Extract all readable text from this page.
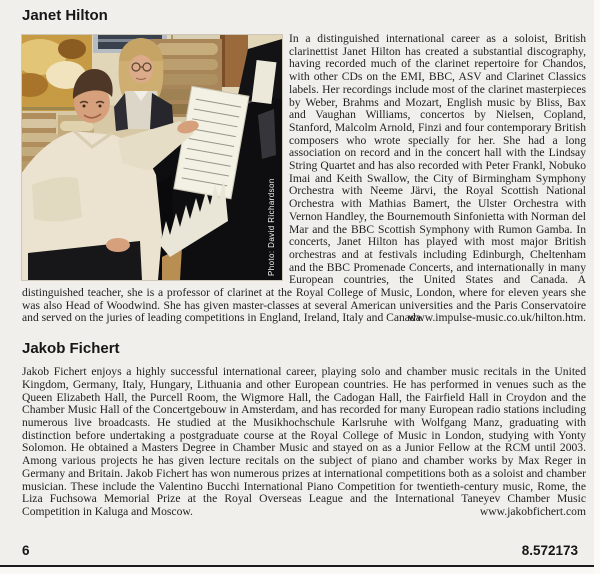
Janet Hilton
Photo: David Richardson

In a distinguished international career as a soloist, British clarinettist Janet Hilton has created a substantial discography, having recorded much of the clarinet repertoire for Chandos, with other CDs on the EMI, BBC, ASV and Clarinet Classics labels. Her recordings include most of the clarinet masterpieces by Weber, Brahms and Mozart, English music by Bliss, Bax and Vaughan Williams, concertos by Nielsen, Copland, Stanford, Malcolm Arnold, Finzi and four contemporary British composers who wrote specially for her. She had a long association on record and in the concert hall with the Lindsay String Quartet and has also recorded with Peter Frankl, Nobuko Imai and Keith Swallow, the City of Birmingham Symphony Orchestra with Neeme Järvi, the Royal Scottish National Orchestra with Mathias Bamert, the Ulster Orchestra with Vernon Handley, the Bournemouth Sinfonietta with Norman del Mar and the BBC Scottish Symphony with Rumon Gamba. In concerts, Janet Hilton has played with most major British orchestras and at festivals including Edinburgh, Cheltenham and the BBC Promenade Concerts, and internationally in many European countries, the United States and Canada. A distinguished teacher, she is a professor of clarinet at the Royal College of Music, London, where for eleven years she was also Head of Woodwind. She has given master-classes at several American universities and the Paris Conservatoire and served on the juries of leading competitions in England, Ireland, Italy and Canada.

www.impulse-music.co.uk/hilton.htm.
Jakob Fichert

Jakob Fichert enjoys a highly successful international career, playing solo and chamber music recitals in the United Kingdom, Germany, Italy, Hungary, Lithuania and other European countries. He has performed in venues such as the Queen Elizabeth Hall, the Purcell Room, the Wigmore Hall, the Cadogan Hall, the Fairfield Hall in Croydon and the Chamber Music Hall of the Concertgebouw in Amsterdam, and has recorded for many European radio stations including numerous live broadcasts. He studied at the Musikhochschule Karlsruhe with Wolfgang Manz, graduating with distinction before undertaking a postgraduate course at the Royal College of Music in London, studying with Yonty Solomon. He obtained a Masters Degree in Chamber Music and stayed on as a Junior Fellow at the RCM until 2003. Among various projects he has given lecture recitals on the subject of piano and chamber works by Max Reger in Germany and Britain. Jakob Fichert has won numerous prizes at international competitions both as a soloist and chamber musician. These include the Valentino Bucchi International Piano Competition for twentieth-century music, Rome, the Liza Fuchsowa Memorial Prize at the Royal Overseas League and the International Taneyev Chamber Music Competition in Kaluga and Moscow.	www.jakobfichert.com
6	8.572173
